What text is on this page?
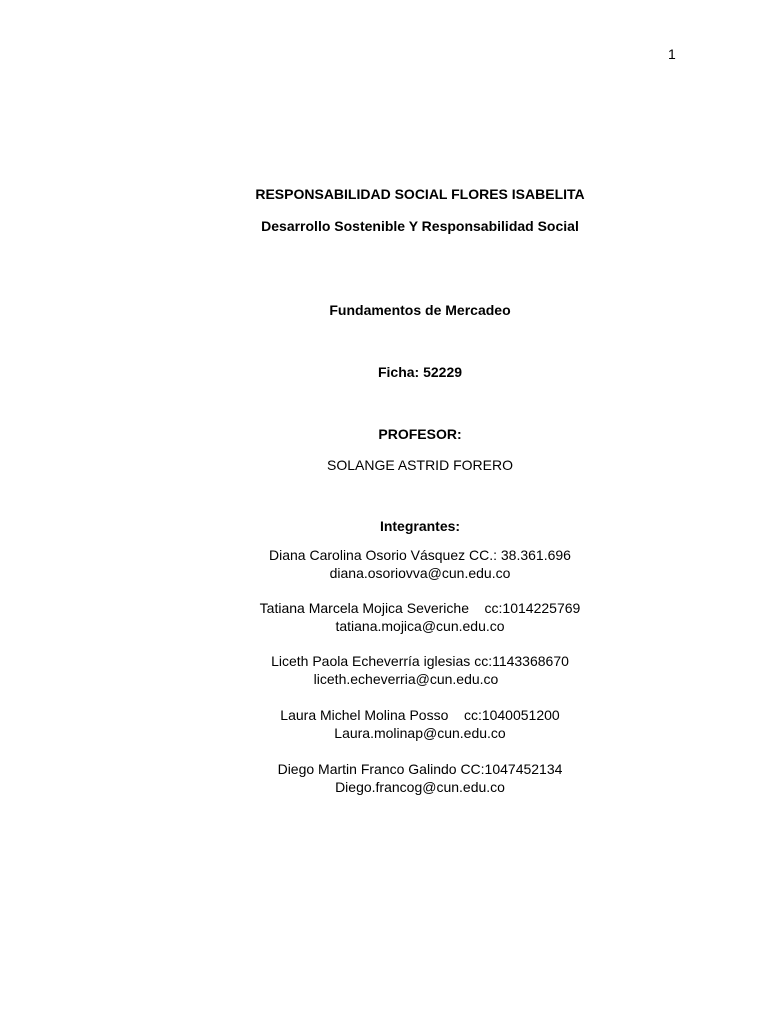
1
RESPONSABILIDAD SOCIAL FLORES ISABELITA
Desarrollo Sostenible Y Responsabilidad Social
Fundamentos de Mercadeo
Ficha: 52229
PROFESOR:
SOLANGE ASTRID FORERO
Integrantes:
Diana Carolina Osorio Vásquez CC.: 38.361.696
diana.osoriovva@cun.edu.co
Tatiana Marcela Mojica Severiche    cc:1014225769
tatiana.mojica@cun.edu.co
Liceth Paola Echeverría iglesias cc:1143368670
liceth.echeverria@cun.edu.co
Laura Michel Molina Posso    cc:1040051200
Laura.molinap@cun.edu.co
Diego Martin Franco Galindo CC:1047452134
Diego.francog@cun.edu.co
